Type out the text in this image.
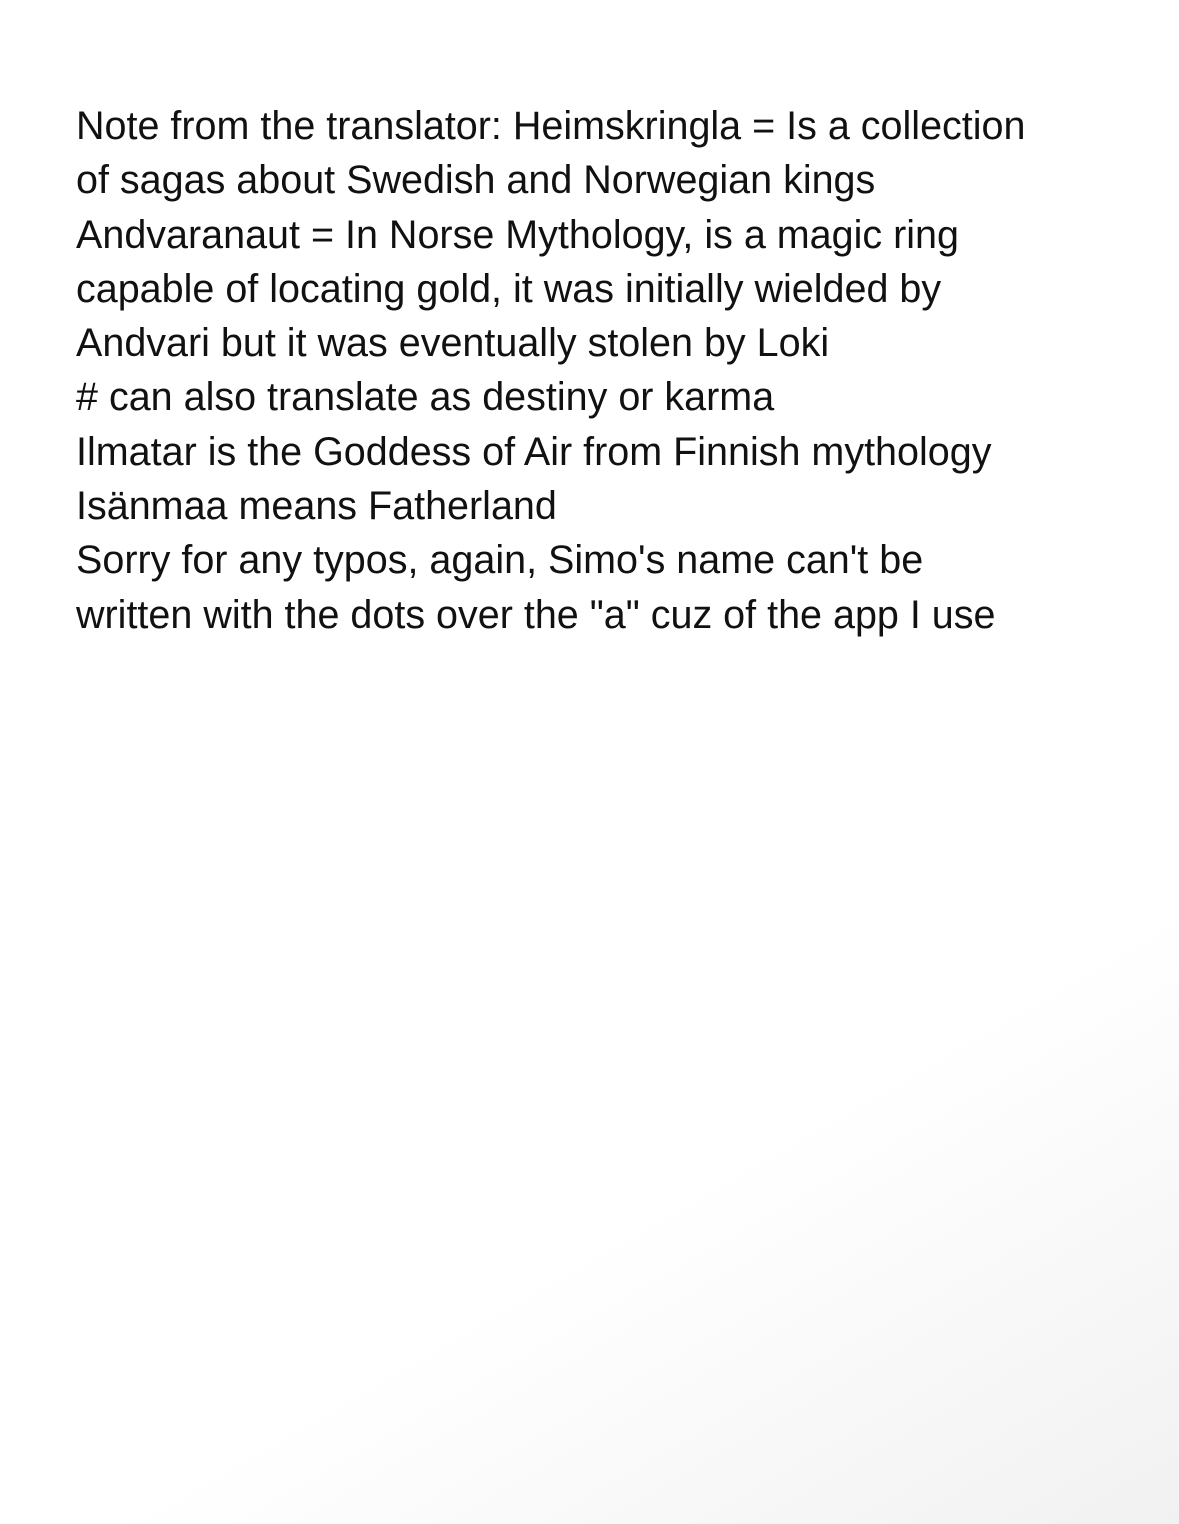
Note from the translator: Heimskringla = Is a collection
of sagas about Swedish and Norwegian kings
Andvaranaut = In Norse Mythology, is a magic ring
capable of locating gold, it was initially wielded by
Andvari but it was eventually stolen by Loki
# can also translate as destiny or karma
Ilmatar is the Goddess of Air from Finnish mythology
Isänmaa means Fatherland
Sorry for any typos, again, Simo's name can't be
written with the dots over the "a" cuz of the app I use
